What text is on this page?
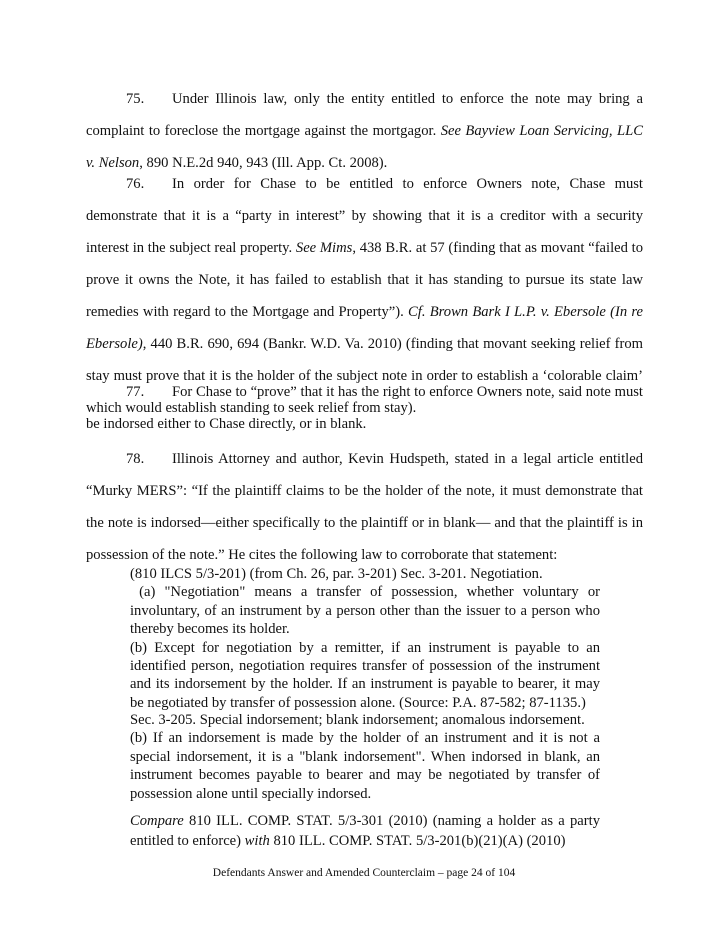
75. Under Illinois law, only the entity entitled to enforce the note may bring a complaint to foreclose the mortgage against the mortgagor. See Bayview Loan Servicing, LLC v. Nelson, 890 N.E.2d 940, 943 (Ill. App. Ct. 2008).

76. In order for Chase to be entitled to enforce Owners note, Chase must demonstrate that it is a “party in interest” by showing that it is a creditor with a security interest in the subject real property. See Mims, 438 B.R. at 57 (finding that as movant “failed to prove it owns the Note, it has failed to establish that it has standing to pursue its state law remedies with regard to the Mortgage and Property”). Cf. Brown Bark I L.P. v. Ebersole (In re Ebersole), 440 B.R. 690, 694 (Bankr. W.D. Va. 2010) (finding that movant seeking relief from stay must prove that it is the holder of the subject note in order to establish a ‘colorable claim’ which would establish standing to seek relief from stay).

77. For Chase to “prove” that it has the right to enforce Owners note, said note must be indorsed either to Chase directly, or in blank.

78. Illinois Attorney and author, Kevin Hudspeth, stated in a legal article entitled “Murky MERS”: “If the plaintiff claims to be the holder of the note, it must demonstrate that the note is indorsed—either specifically to the plaintiff or in blank— and that the plaintiff is in possession of the note.” He cites the following law to corroborate that statement:

(810 ILCS 5/3-201) (from Ch. 26, par. 3-201) Sec. 3-201. Negotiation.

(a) "Negotiation" means a transfer of possession, whether voluntary or involuntary, of an instrument by a person other than the issuer to a person who thereby becomes its holder.

(b) Except for negotiation by a remitter, if an instrument is payable to an identified person, negotiation requires transfer of possession of the instrument and its indorsement by the holder. If an instrument is payable to bearer, it may be negotiated by transfer of possession alone. (Source: P.A. 87-582; 87-1135.)

Sec. 3-205. Special indorsement; blank indorsement; anomalous indorsement.

(b) If an indorsement is made by the holder of an instrument and it is not a special indorsement, it is a "blank indorsement". When indorsed in blank, an instrument becomes payable to bearer and may be negotiated by transfer of possession alone until specially indorsed.

Compare 810 ILL. COMP. STAT. 5/3-301 (2010) (naming a holder as a party entitled to enforce) with 810 ILL. COMP. STAT. 5/3-201(b)(21)(A) (2010)

Defendants Answer and Amended Counterclaim – page 24 of 104
